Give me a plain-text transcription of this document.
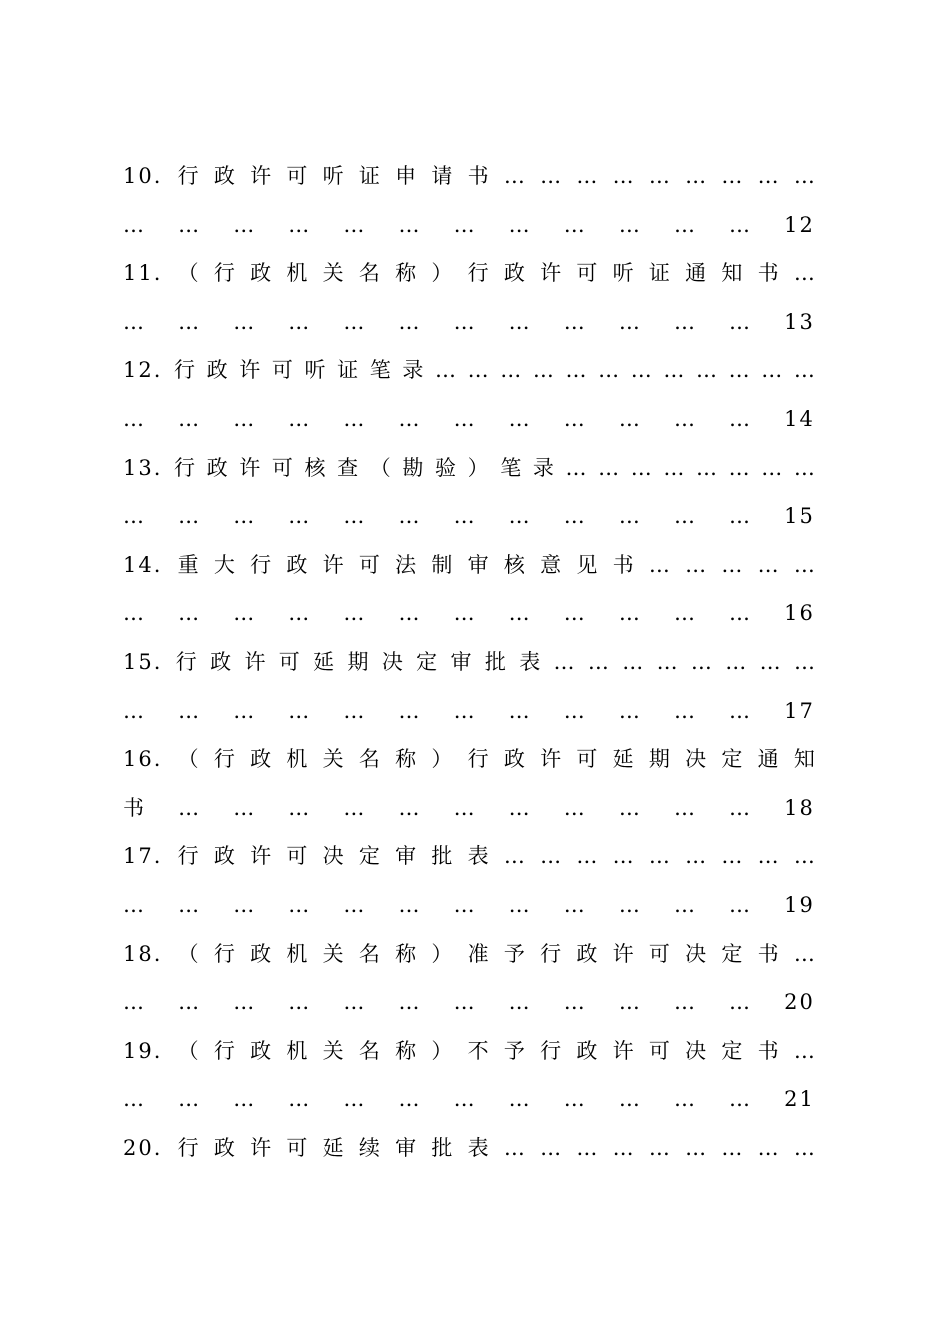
10. 行 政 许 可 听 证 申 请 书 … … … … … … … … …
… … … … … … … … … … … … 12
11. （ 行 政 机 关 名 称 ） 行 政 许 可 听 证 通 知 书 …
… … … … … … … … … … … … 13
12. 行 政 许 可 听 证 笔 录 … … … … … … … … … … … …
… … … … … … … … … … … … 14
13. 行 政 许 可 核 查 （ 勘 验 ） 笔 录 … … … … … … … …
… … … … … … … … … … … … 15
14. 重 大 行 政 许 可 法 制 审 核 意 见 书 … … … … …
… … … … … … … … … … … … 16
15. 行 政 许 可 延 期 决 定 审 批 表 … … … … … … … …
… … … … … … … … … … … … 17
16. （ 行 政 机 关 名 称 ） 行 政 许 可 延 期 决 定 通 知
书 … … … … … … … … … … … 18
17. 行 政 许 可 决 定 审 批 表 … … … … … … … … …
… … … … … … … … … … … … 19
18. （ 行 政 机 关 名 称 ） 准 予 行 政 许 可 决 定 书 …
… … … … … … … … … … … … 20
19. （ 行 政 机 关 名 称 ） 不 予 行 政 许 可 决 定 书 …
… … … … … … … … … … … … 21
20. 行 政 许 可 延 续 审 批 表 … … … … … … … … …
